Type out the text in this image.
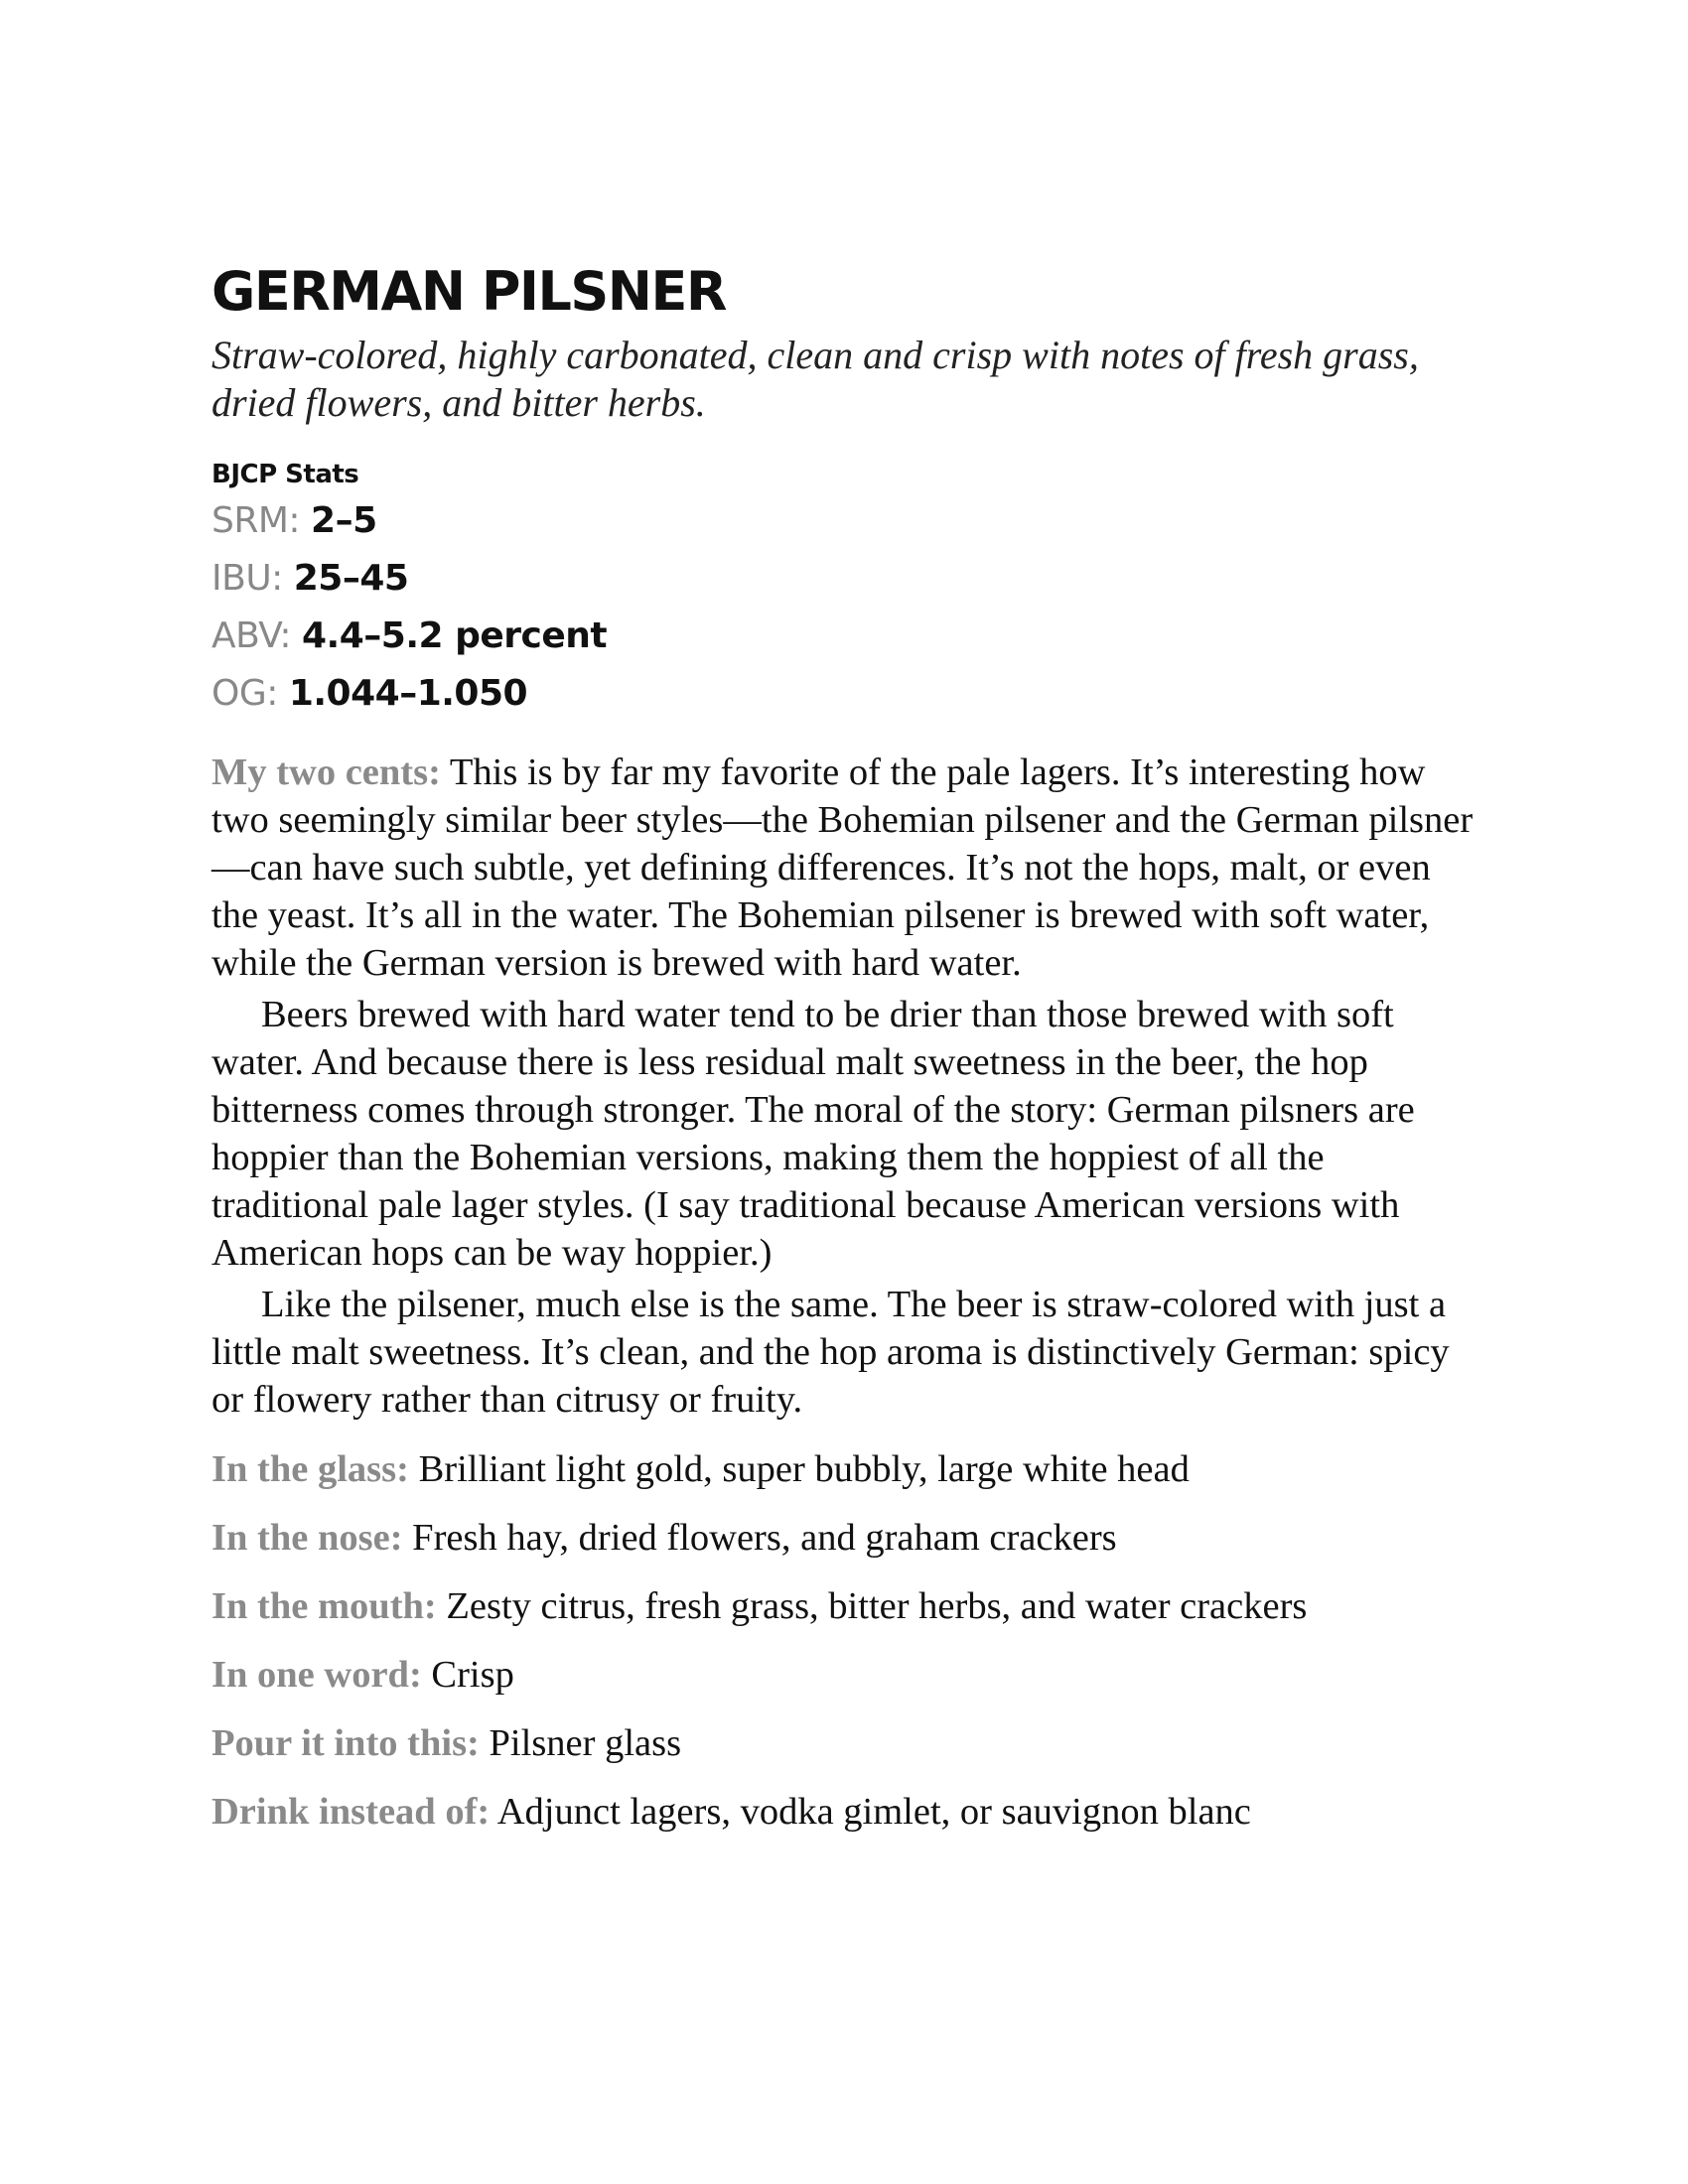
GERMAN PILSNER

Straw-colored, highly carbonated, clean and crisp with notes of fresh grass, dried flowers, and bitter herbs.

BJCP Stats

SRM: 2–5

IBU: 25–45

ABV: 4.4–5.2 percent

OG: 1.044–1.050

My two cents: This is by far my favorite of the pale lagers. It’s interesting how two seemingly similar beer styles—the Bohemian pilsener and the German pilsner—can have such subtle, yet defining differences. It’s not the hops, malt, or even the yeast. It’s all in the water. The Bohemian pilsener is brewed with soft water, while the German version is brewed with hard water.

Beers brewed with hard water tend to be drier than those brewed with soft water. And because there is less residual malt sweetness in the beer, the hop bitterness comes through stronger. The moral of the story: German pilsners are hoppier than the Bohemian versions, making them the hoppiest of all the traditional pale lager styles. (I say traditional because American versions with American hops can be way hoppier.)

Like the pilsener, much else is the same. The beer is straw-colored with just a little malt sweetness. It’s clean, and the hop aroma is distinctively German: spicy or flowery rather than citrusy or fruity.

In the glass: Brilliant light gold, super bubbly, large white head

In the nose: Fresh hay, dried flowers, and graham crackers

In the mouth: Zesty citrus, fresh grass, bitter herbs, and water crackers

In one word: Crisp

Pour it into this: Pilsner glass

Drink instead of: Adjunct lagers, vodka gimlet, or sauvignon blanc
